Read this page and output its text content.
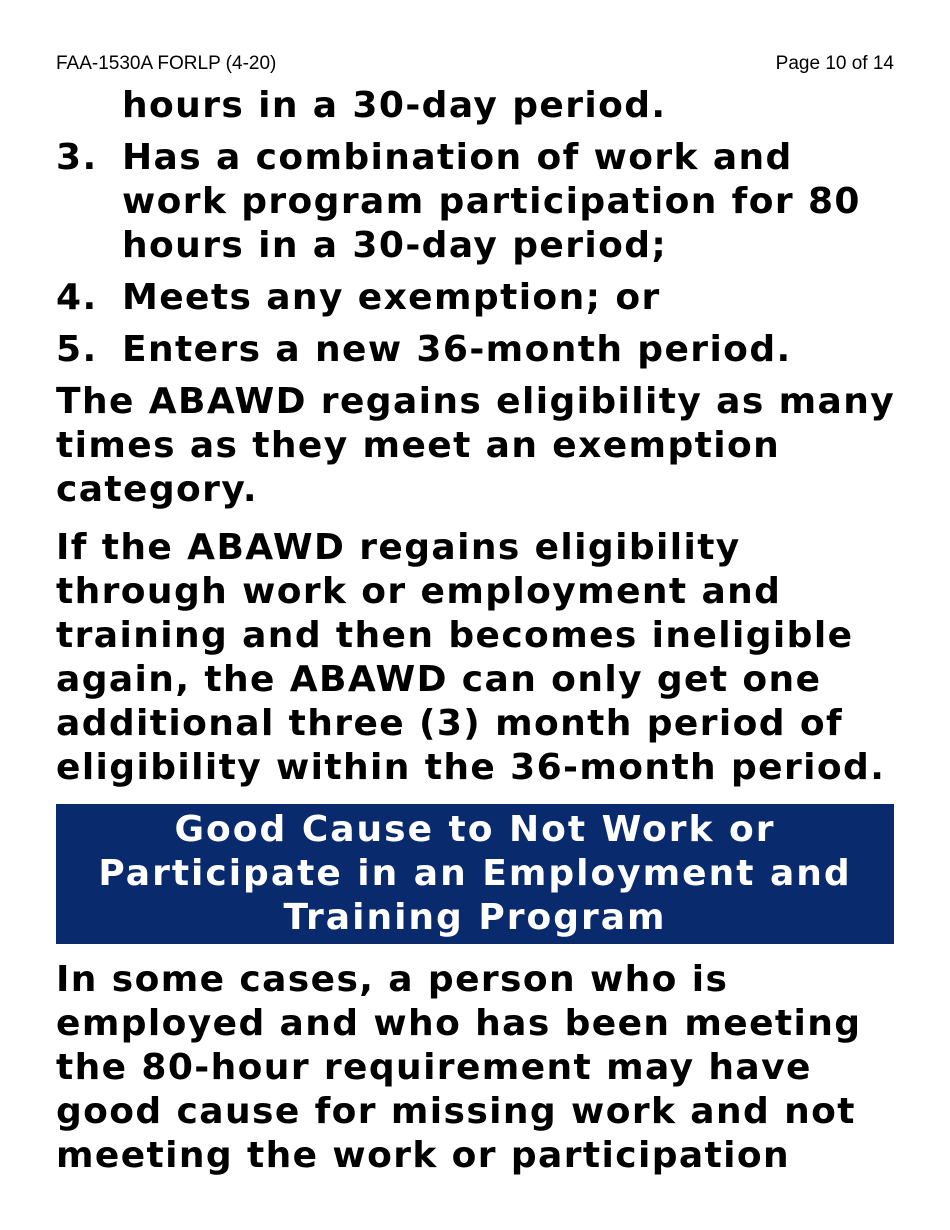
FAA-1530A FORLP (4-20)	Page 10 of 14

hours in a 30-day period.

3. Has a combination of work and work program participation for 80 hours in a 30-day period;
4. Meets any exemption; or
5. Enters a new 36-month period.

The ABAWD regains eligibility as many times as they meet an exemption category.

If the ABAWD regains eligibility through work or employment and training and then becomes ineligible again, the ABAWD can only get one additional three (3) month period of eligibility within the 36-month period.

Good Cause to Not Work or Participate in an Employment and Training Program

In some cases, a person who is employed and who has been meeting the 80-hour requirement may have good cause for missing work and not meeting the work or participation
